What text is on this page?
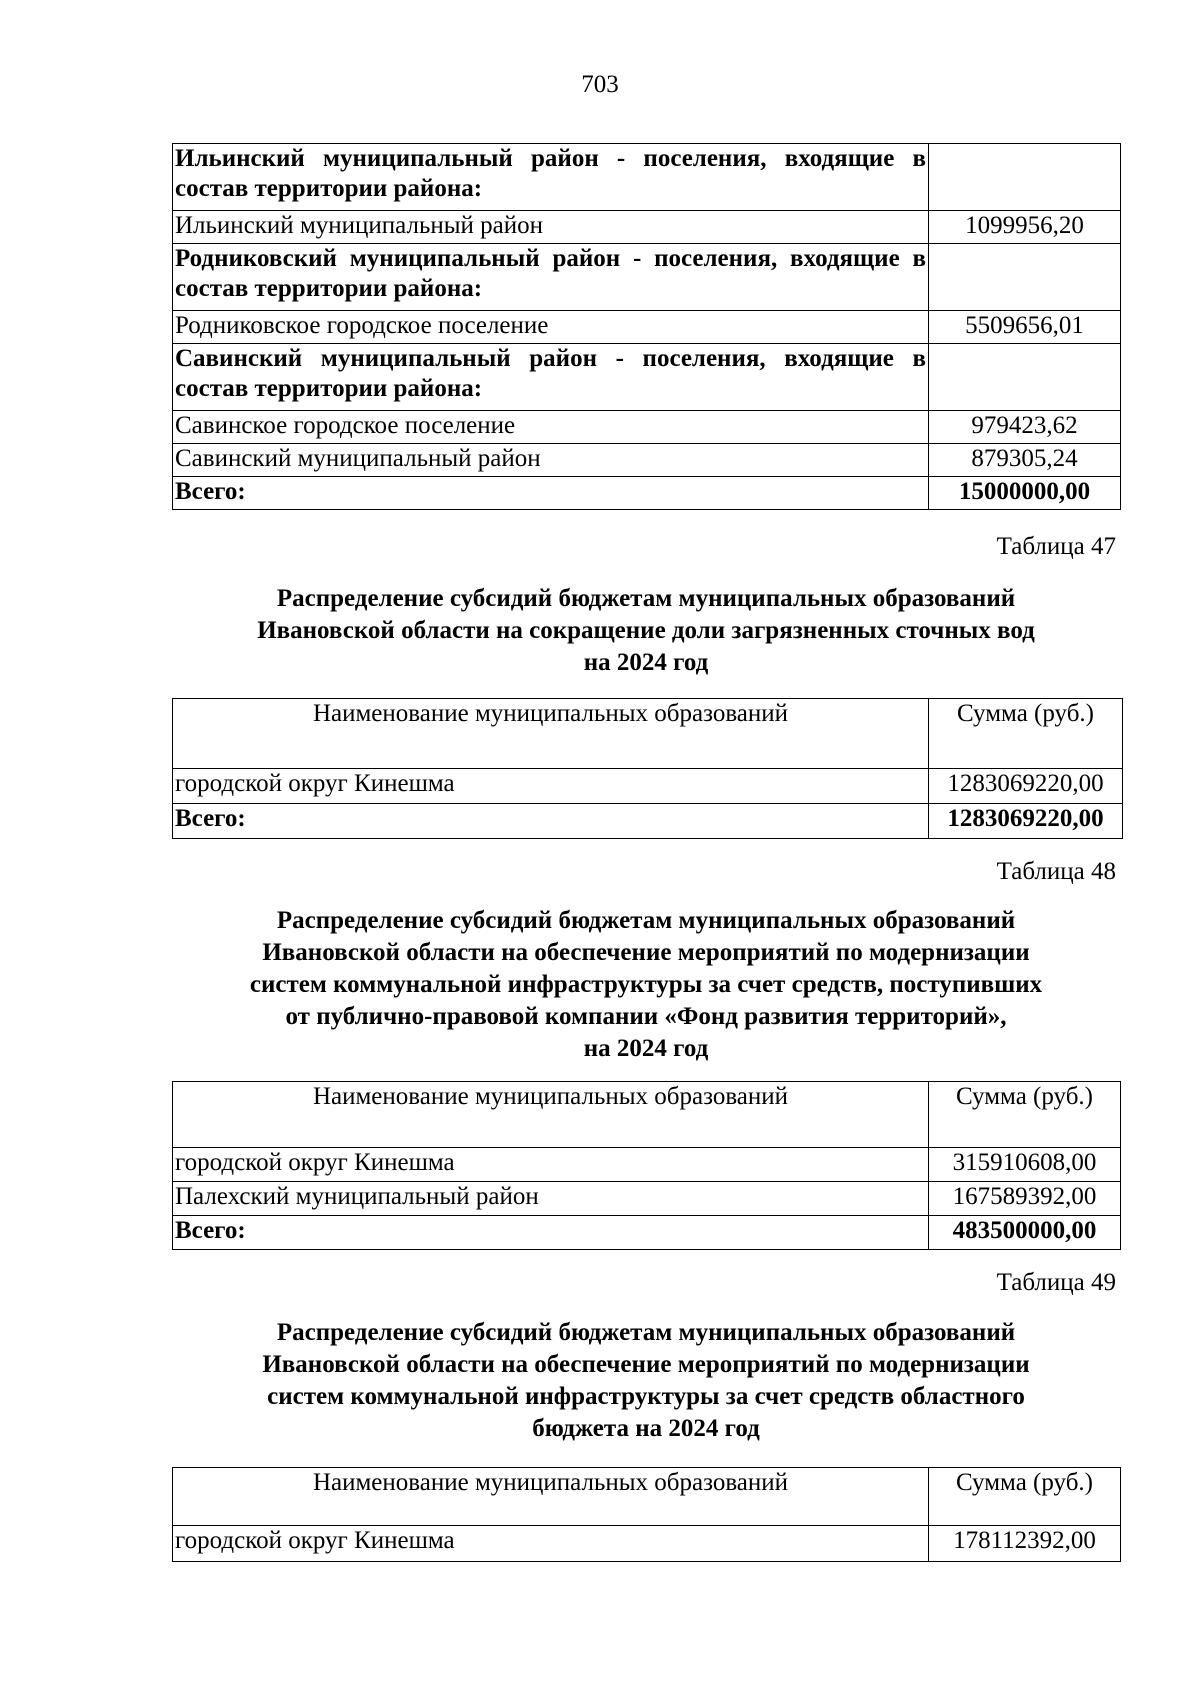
703
Ильинский муниципальный район - поселения, входящие в состав территории района:	
Ильинский муниципальный район	1099956,20
Родниковский муниципальный район - поселения, входящие в состав территории района:	
Родниковское городское поселение	5509656,01
Савинский муниципальный район - поселения, входящие в состав территории района:	
Савинское городское поселение	979423,62
Савинский муниципальный район	879305,24
Всего:	15000000,00
Таблица 47
Распределение субсидий бюджетам муниципальных образований
Ивановской области на сокращение доли загрязненных сточных вод
на 2024 год
Наименование муниципальных образований	Сумма (руб.)
городской округ Кинешма	1283069220,00
Всего:	1283069220,00
Таблица 48
Распределение субсидий бюджетам муниципальных образований
Ивановской области на обеспечение мероприятий по модернизации
систем коммунальной инфраструктуры за счет средств, поступивших
от публично-правовой компании «Фонд развития территорий»,
на 2024 год
Наименование муниципальных образований	Сумма (руб.)
городской округ Кинешма	315910608,00
Палехский муниципальный район	167589392,00
Всего:	483500000,00
Таблица 49
Распределение субсидий бюджетам муниципальных образований
Ивановской области на обеспечение мероприятий по модернизации
систем коммунальной инфраструктуры за счет средств областного
бюджета на 2024 год
Наименование муниципальных образований	Сумма (руб.)
городской округ Кинешма	178112392,00
